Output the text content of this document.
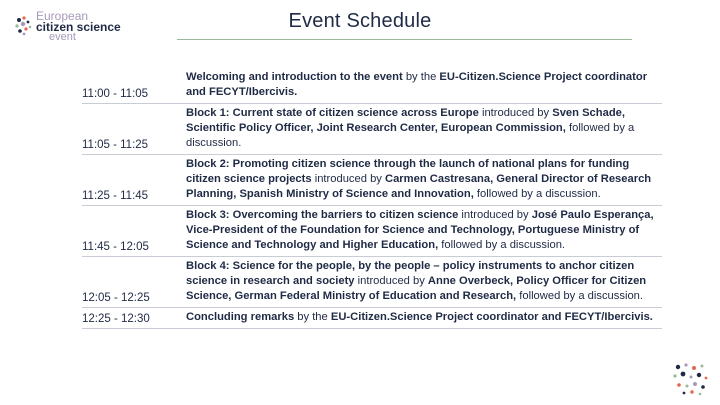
European
citizen science
event
Event Schedule
11:00 - 11:05
Welcoming and introduction to the event by the EU-Citizen.Science Project coordinator and FECYT/Ibercivis.
11:05 - 11:25
Block 1: Current state of citizen science across Europe introduced by Sven Schade, Scientific Policy Officer, Joint Research Center, European Commission, followed by a discussion.
11:25 - 11:45
Block 2: Promoting citizen science through the launch of national plans for funding citizen science projects introduced by Carmen Castresana, General Director of Research Planning, Spanish Ministry of Science and Innovation, followed by a discussion.
11:45 - 12:05
Block 3: Overcoming the barriers to citizen science introduced by José Paulo Esperança, Vice-President of the Foundation for Science and Technology, Portuguese Ministry of Science and Technology and Higher Education, followed by a discussion.
12:05 - 12:25
Block 4: Science for the people, by the people – policy instruments to anchor citizen science in research and society introduced by Anne Overbeck, Policy Officer for Citizen Science, German Federal Ministry of Education and Research, followed by a discussion.
12:25 - 12:30	Concluding remarks by the EU-Citizen.Science Project coordinator and FECYT/Ibercivis.
